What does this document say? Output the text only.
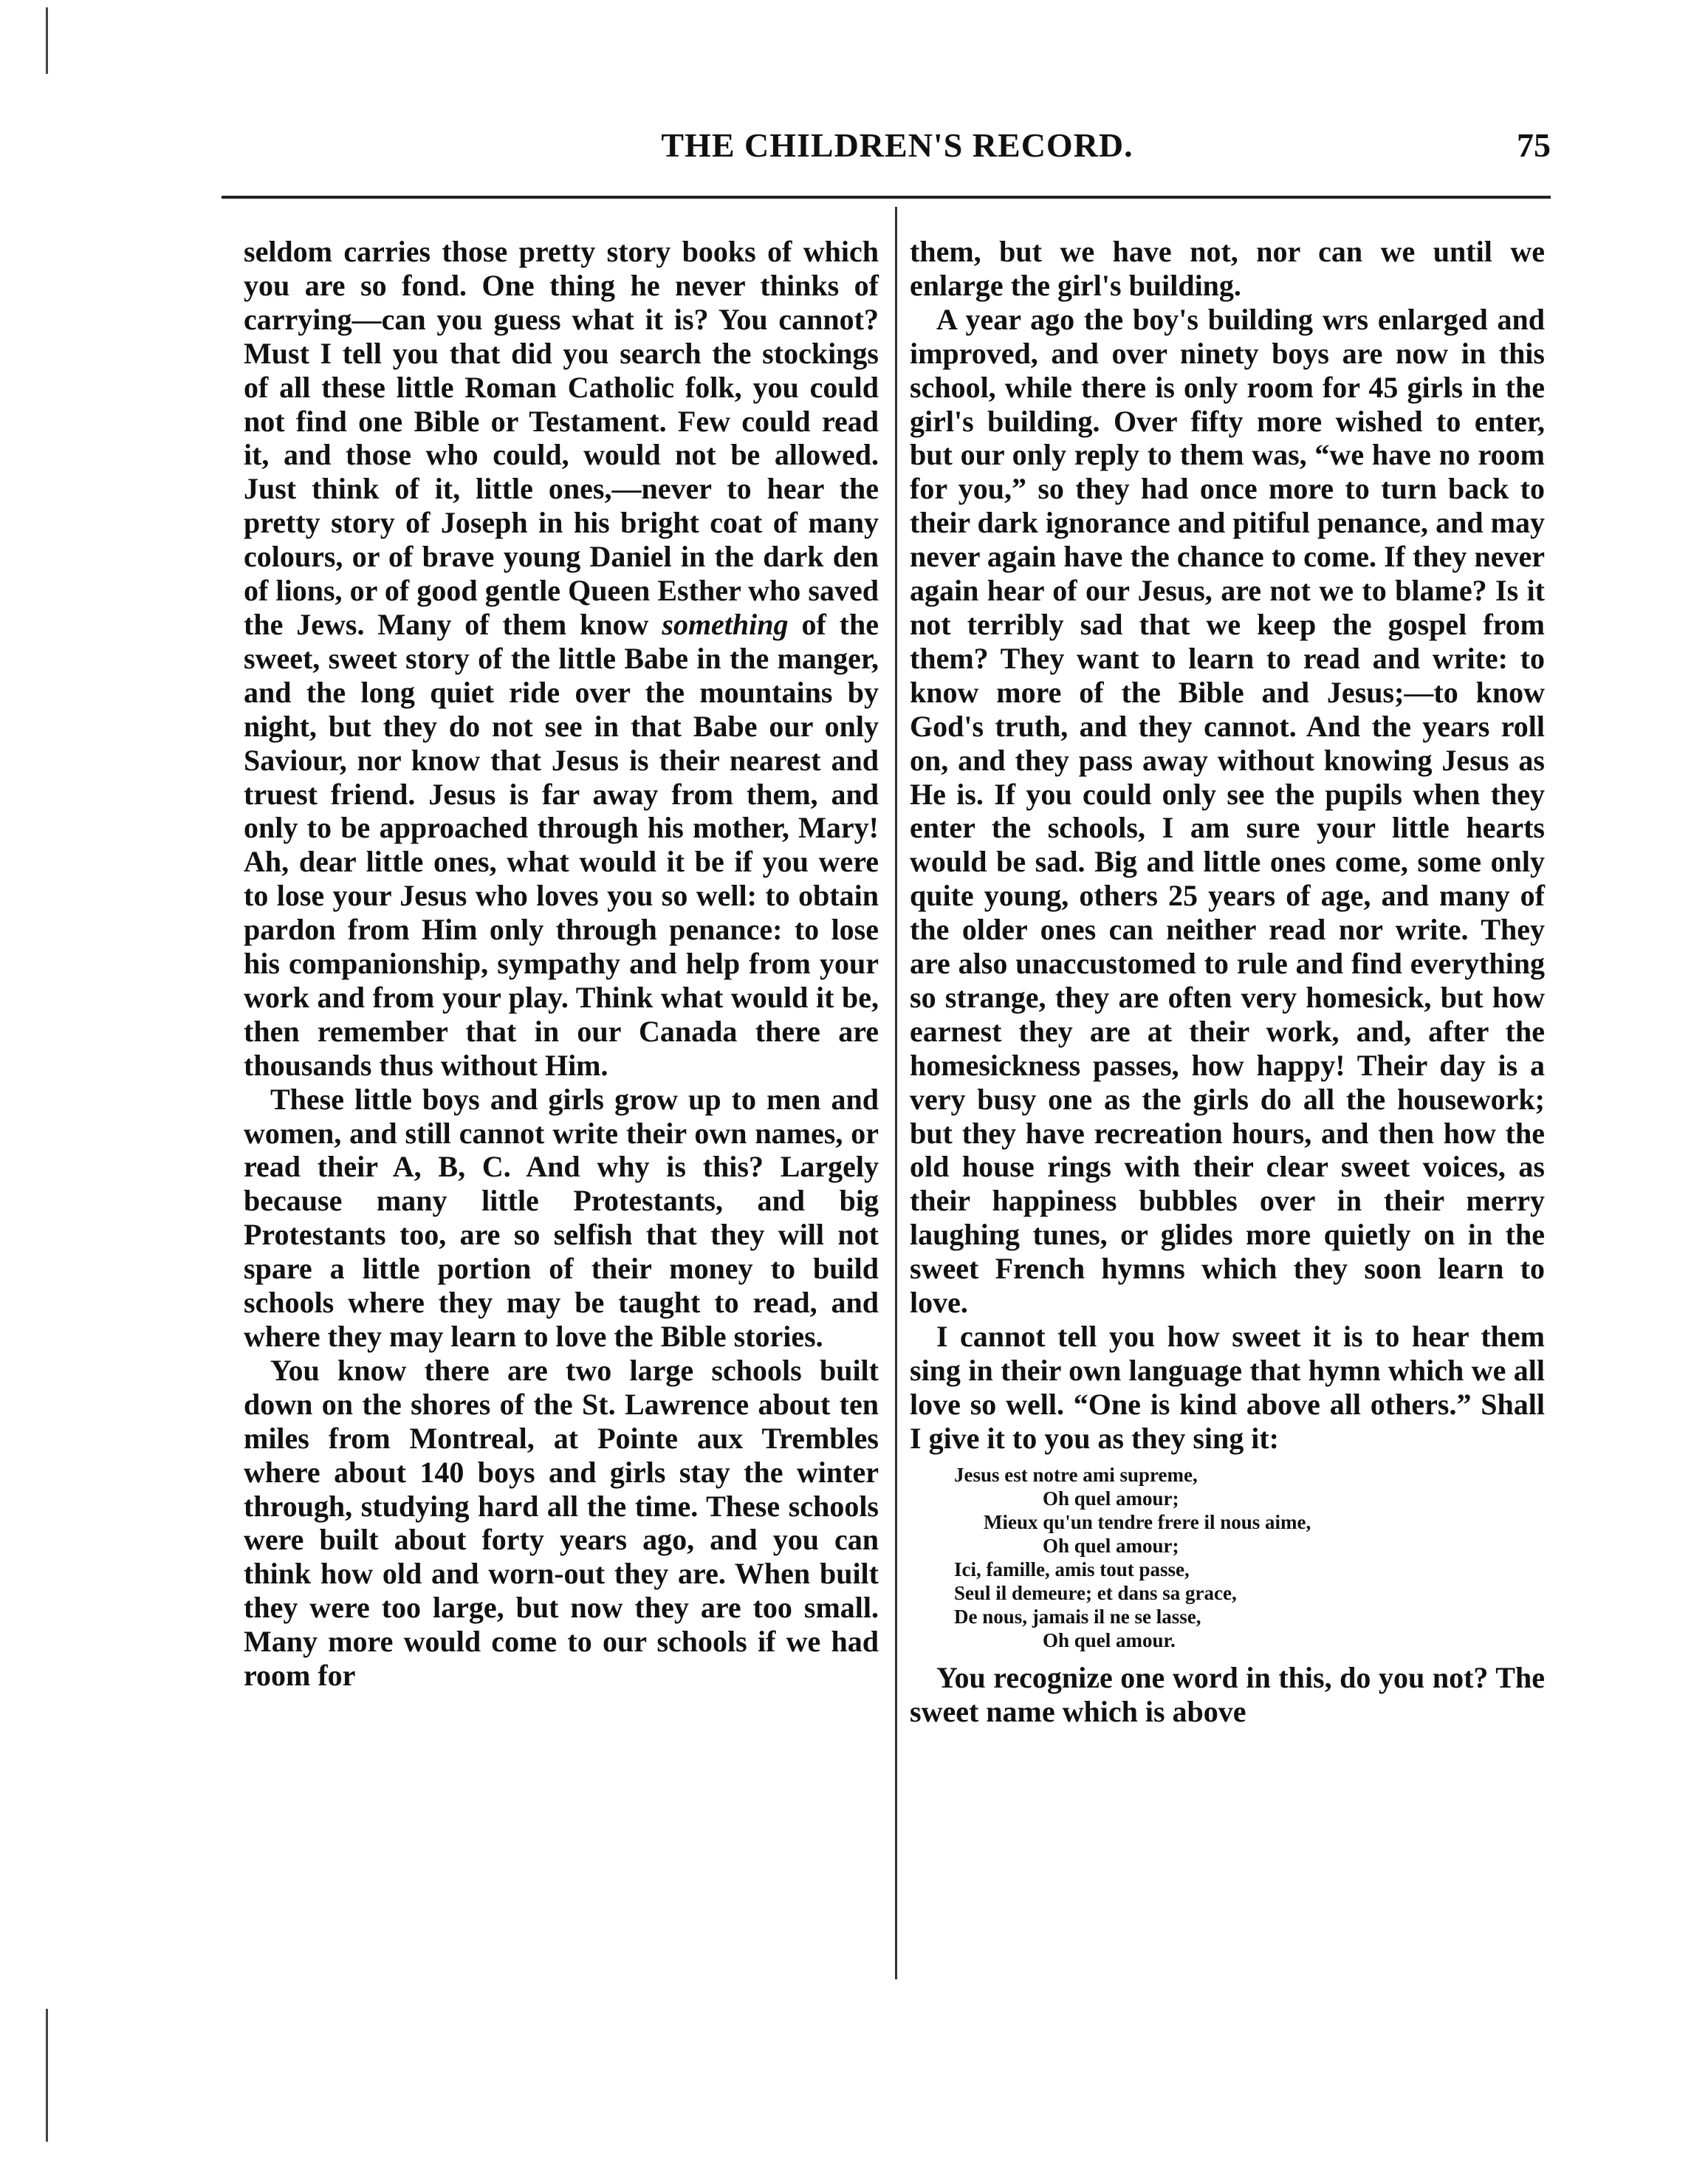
THE CHILDREN'S RECORD.	75

seldom carries those pretty story books of which you are so fond. One thing he never thinks of carrying—can you guess what it is? You cannot? Must I tell you that did you search the stockings of all these little Roman Catholic folk, you could not find one Bible or Testament. Few could read it, and those who could, would not be allowed. Just think of it, little ones,—never to hear the pretty story of Joseph in his bright coat of many colours, or of brave young Daniel in the dark den of lions, or of good gentle Queen Esther who saved the Jews. Many of them know something of the sweet, sweet story of the little Babe in the manger, and the long quiet ride over the mountains by night, but they do not see in that Babe our only Saviour, nor know that Jesus is their nearest and truest friend. Jesus is far away from them, and only to be approached through his mother, Mary! Ah, dear little ones, what would it be if you were to lose your Jesus who loves you so well: to obtain pardon from Him only through penance: to lose his companionship, sympathy and help from your work and from your play. Think what would it be, then remember that in our Canada there are thousands thus without Him.

These little boys and girls grow up to men and women, and still cannot write their own names, or read their A, B, C. And why is this? Largely because many little Protestants, and big Protestants too, are so selfish that they will not spare a little portion of their money to build schools where they may be taught to read, and where they may learn to love the Bible stories.

You know there are two large schools built down on the shores of the St. Lawrence about ten miles from Montreal, at Pointe aux Trembles where about 140 boys and girls stay the winter through, studying hard all the time. These schools were built about forty years ago, and you can think how old and worn-out they are. When built they were too large, but now they are too small. Many more would come to our schools if we had room for

them, but we have not, nor can we until we enlarge the girl's building.

A year ago the boy's building wrs enlarged and improved, and over ninety boys are now in this school, while there is only room for 45 girls in the girl's building. Over fifty more wished to enter, but our only reply to them was, “we have no room for you,” so they had once more to turn back to their dark ignorance and pitiful penance, and may never again have the chance to come. If they never again hear of our Jesus, are not we to blame? Is it not terribly sad that we keep the gospel from them? They want to learn to read and write: to know more of the Bible and Jesus;—to know God's truth, and they cannot. And the years roll on, and they pass away without knowing Jesus as He is. If you could only see the pupils when they enter the schools, I am sure your little hearts would be sad. Big and little ones come, some only quite young, others 25 years of age, and many of the older ones can neither read nor write. They are also unaccustomed to rule and find everything so strange, they are often very homesick, but how earnest they are at their work, and, after the homesickness passes, how happy! Their day is a very busy one as the girls do all the housework; but they have recreation hours, and then how the old house rings with their clear sweet voices, as their happiness bubbles over in their merry laughing tunes, or glides more quietly on in the sweet French hymns which they soon learn to love.

I cannot tell you how sweet it is to hear them sing in their own language that hymn which we all love so well. “One is kind above all others.” Shall I give it to you as they sing it:

Jesus est notre ami supreme,
Oh quel amour;
Mieux qu'un tendre frere il nous aime,
Oh quel amour;
Ici, famille, amis tout passe,
Seul il demeure; et dans sa grace,
De nous, jamais il ne se lasse,
Oh quel amour.

You recognize one word in this, do you not? The sweet name which is above
